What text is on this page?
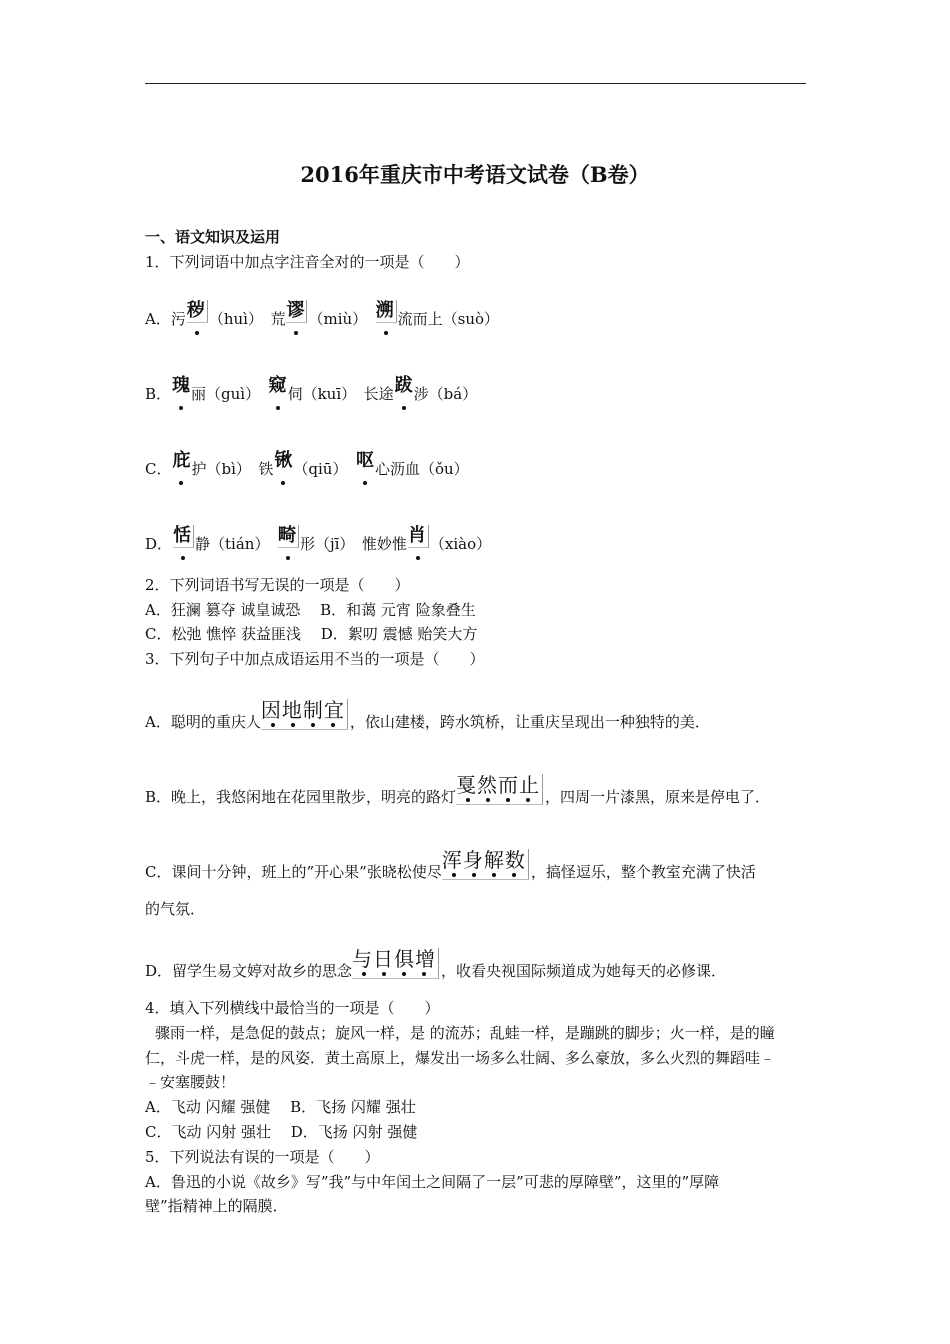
2016年重庆市中考语文试卷（B卷）
一、语文知识及运用
1．下列词语中加点字注音全对的一项是（　　）
A．污秽 （huì）　荒谬 （miù）　溯 流而上（suò）
B．瑰丽（guì）　窥伺（kuī）　长途跋涉（bá）
C．庇护（bì）　铁锹（qiū）　呕心沥血（ǒu）
D．恬 静（tián）　畸 形（jī）　惟妙惟肖 （xiào）
2．下列词语书写无误的一项是（　　）
A．狂澜 篡夺 诚皇诚恐　 B．和蔼 元宵 险象叠生
C．松弛 憔悴 获益匪浅　 D．絮叨 震憾 贻笑大方
3．下列句子中加点成语运用不当的一项是（　　）
A．聪明的重庆人因地制宜 ，依山建楼，跨水筑桥，让重庆呈现出一种独特的美．
B．晚上，我悠闲地在花园里散步，明亮的路灯戛然而止 ，四周一片漆黑，原来是停电了．
C．课间十分钟，班上的”开心果”张晓松使尽浑身解数 ，搞怪逗乐，整个教室充满了快活
的气氛．
D．留学生易文婷对故乡的思念与日俱增 ，收看央视国际频道成为她每天的必修课．
4．填入下列横线中最恰当的一项是（　　）
骤雨一样，是急促的鼓点；旋风一样，是 的流苏；乱蛙一样，是蹦跳的脚步；火一样，是的瞳
仁，斗虎一样，是的风姿．黄土高原上，爆发出一场多么壮阔、多么豪放，多么火烈的舞蹈哇﹣
﹣安塞腰鼓！
A．飞动 闪耀 强健　 B．飞扬 闪耀 强壮
C．飞动 闪射 强壮　 D．飞扬 闪射 强健
5．下列说法有误的一项是（　　）
A．鲁迅的小说《故乡》写”我”与中年闰土之间隔了一层”可悲的厚障壁”，这里的”厚障
壁”指精神上的隔膜．
